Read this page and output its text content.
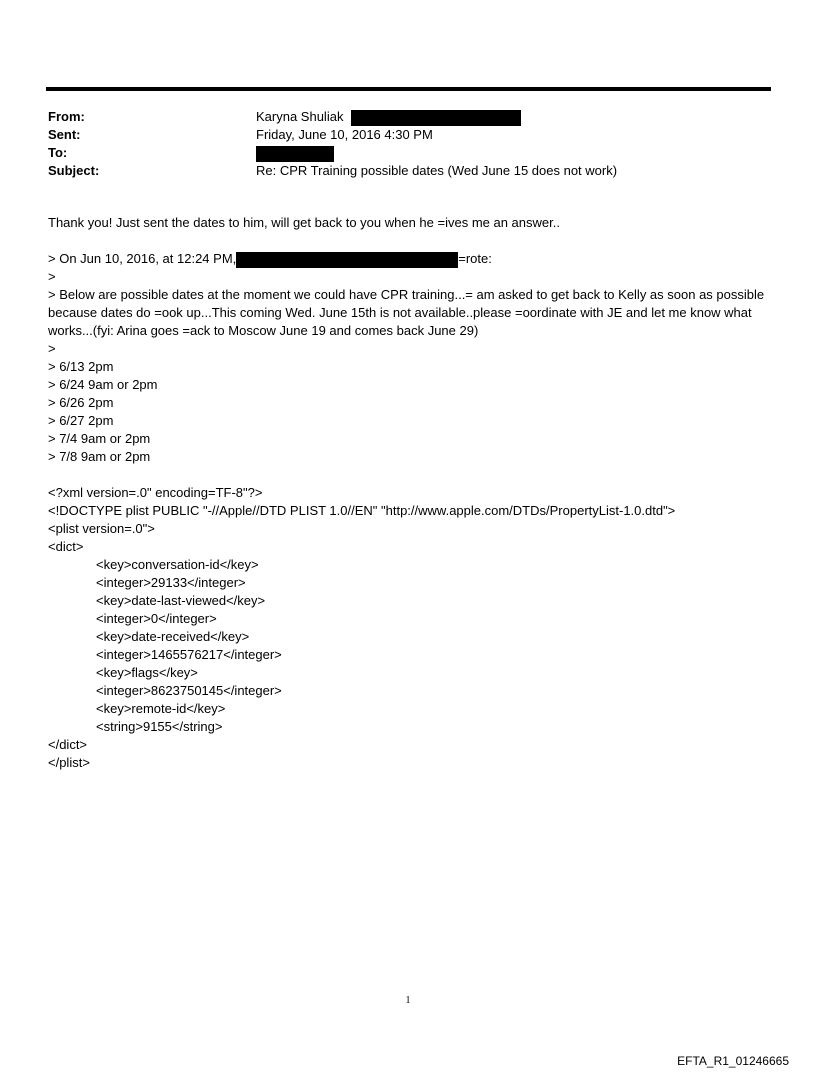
From:	Karyna Shuliak
Sent:	Friday, June 10, 2016 4:30 PM
To:
Subject:	Re: CPR Training possible dates (Wed June 15 does not work)

Thank you! Just sent the dates to him, will get back to you when he =ives me an answer..

> On Jun 10, 2016, at 12:24 PM,	=rote:

>

> Below are possible dates at the moment we could have CPR training...= am asked to get back to Kelly as soon as possible because dates do =ook up...This coming Wed. June 15th is not available..please =oordinate with JE and let me know what works...(fyi: Arina goes =ack to Moscow June 19 and comes back June 29)

>

> 6/13 2pm

> 6/24 9am or 2pm

> 6/26 2pm

> 6/27 2pm

> 7/4 9am or 2pm

> 7/8 9am or 2pm

<?xml version=.0" encoding=TF-8"?>

<!DOCTYPE plist PUBLIC "-//Apple//DTD PLIST 1.0//EN" "http://www.apple.com/DTDs/PropertyList-1.0.dtd">

<plist version=.0">

<dict>

<key>conversation-id</key>

<integer>29133</integer>

<key>date-last-viewed</key>

<integer>0</integer>

<key>date-received</key>

<integer>1465576217</integer>

<key>flags</key>

<integer>8623750145</integer>

<key>remote-id</key>

<string>9155</string>

</dict>

</plist>

1
EFTA_R1_01246665
